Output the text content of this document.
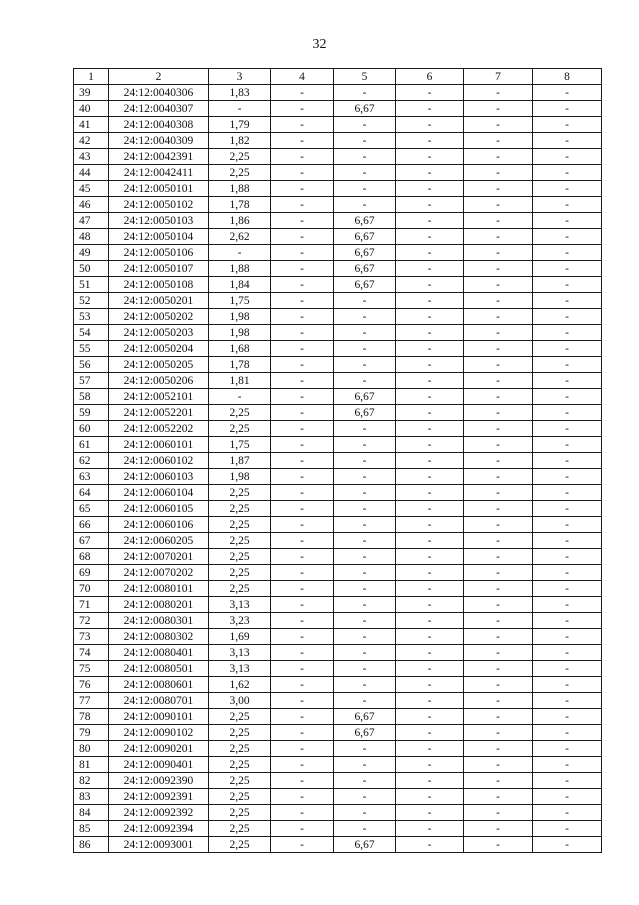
32
1	2	3	4	5	6	7	8
39	24:12:0040306	1,83	-	-	-	-	-
40	24:12:0040307	-	-	6,67	-	-	-
41	24:12:0040308	1,79	-	-	-	-	-
42	24:12:0040309	1,82	-	-	-	-	-
43	24:12:0042391	2,25	-	-	-	-	-
44	24:12:0042411	2,25	-	-	-	-	-
45	24:12:0050101	1,88	-	-	-	-	-
46	24:12:0050102	1,78	-	-	-	-	-
47	24:12:0050103	1,86	-	6,67	-	-	-
48	24:12:0050104	2,62	-	6,67	-	-	-
49	24:12:0050106	-	-	6,67	-	-	-
50	24:12:0050107	1,88	-	6,67	-	-	-
51	24:12:0050108	1,84	-	6,67	-	-	-
52	24:12:0050201	1,75	-	-	-	-	-
53	24:12:0050202	1,98	-	-	-	-	-
54	24:12:0050203	1,98	-	-	-	-	-
55	24:12:0050204	1,68	-	-	-	-	-
56	24:12:0050205	1,78	-	-	-	-	-
57	24:12:0050206	1,81	-	-	-	-	-
58	24:12:0052101	-	-	6,67	-	-	-
59	24:12:0052201	2,25	-	6,67	-	-	-
60	24:12:0052202	2,25	-	-	-	-	-
61	24:12:0060101	1,75	-	-	-	-	-
62	24:12:0060102	1,87	-	-	-	-	-
63	24:12:0060103	1,98	-	-	-	-	-
64	24:12:0060104	2,25	-	-	-	-	-
65	24:12:0060105	2,25	-	-	-	-	-
66	24:12:0060106	2,25	-	-	-	-	-
67	24:12:0060205	2,25	-	-	-	-	-
68	24:12:0070201	2,25	-	-	-	-	-
69	24:12:0070202	2,25	-	-	-	-	-
70	24:12:0080101	2,25	-	-	-	-	-
71	24:12:0080201	3,13	-	-	-	-	-
72	24:12:0080301	3,23	-	-	-	-	-
73	24:12:0080302	1,69	-	-	-	-	-
74	24:12:0080401	3,13	-	-	-	-	-
75	24:12:0080501	3,13	-	-	-	-	-
76	24:12:0080601	1,62	-	-	-	-	-
77	24:12:0080701	3,00	-	-	-	-	-
78	24:12:0090101	2,25	-	6,67	-	-	-
79	24:12:0090102	2,25	-	6,67	-	-	-
80	24:12:0090201	2,25	-	-	-	-	-
81	24:12:0090401	2,25	-	-	-	-	-
82	24:12:0092390	2,25	-	-	-	-	-
83	24:12:0092391	2,25	-	-	-	-	-
84	24:12:0092392	2,25	-	-	-	-	-
85	24:12:0092394	2,25	-	-	-	-	-
86	24:12:0093001	2,25	-	6,67	-	-	-
